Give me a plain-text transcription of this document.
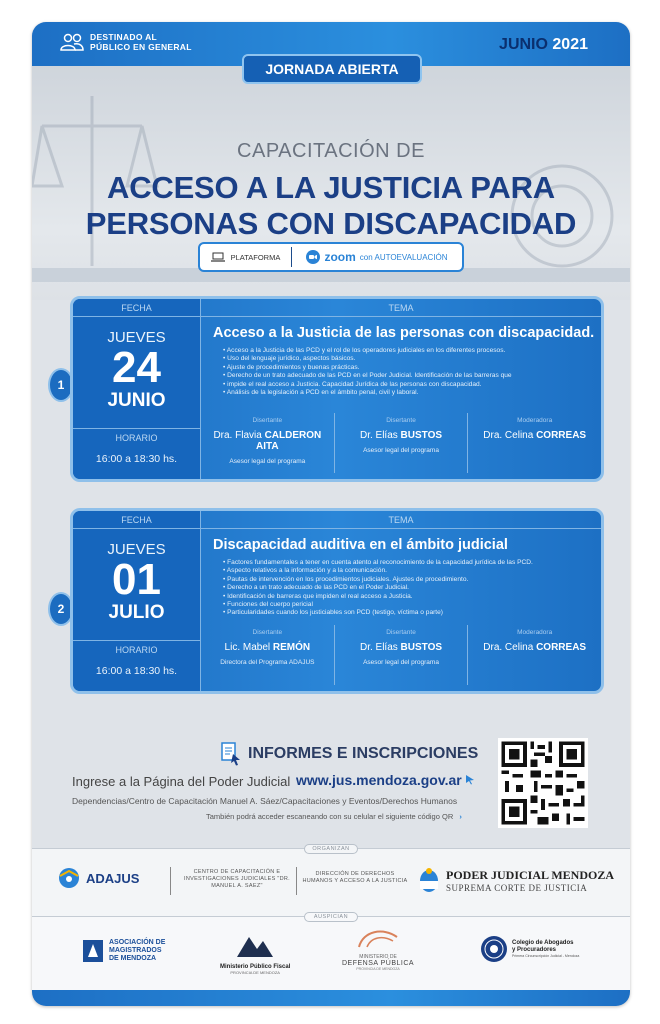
CAPACITACIÓN DE
ACCESO A LA JUSTICIA PARA
PERSONAS CON DISCAPACIDAD
DESTINADO AL
PÚBLICO EN GENERAL	JUNIO 2021
JORNADA ABIERTA
PLATAFORMA	zoom con AUTOEVALUACIÓN
1
FECHA
JUEVES
24
JUNIO
HORARIO
16:00 a 18:30 hs.
TEMA
Acceso a la Justicia de las personas con discapacidad.
• Acceso a la Justicia de las PCD y el rol de los operadores judiciales en los diferentes procesos.
• Uso del lenguaje jurídico, aspectos básicos.
• Ajuste de procedimientos y buenas prácticas.
• Derecho de un trato adecuado de las PCD en el Poder Judicial. Identificación de las barreras que
• impide el real acceso a Justicia. Capacidad Jurídica de las personas con discapacidad.
• Análisis de la legislación a PCD en el ámbito penal, civil y laboral.
Disertante
Dra. Flavia CALDERON AITA
Asesor legal del programa
Disertante
Dr. Elías BUSTOS
Asesor legal del programa
Moderadora
Dra. Celina CORREAS
2
FECHA
JUEVES
01
JULIO
HORARIO
16:00 a 18:30 hs.
TEMA
Discapacidad auditiva en el ámbito judicial
• Factores fundamentales a tener en cuenta atento al reconocimiento de la capacidad jurídica de las PCD.
• Aspecto relativos a la información y a la comunicación.
• Pautas de intervención en los procedimientos judiciales. Ajustes de procedimiento.
• Derecho a un trato adecuado de las PCD en el Poder Judicial.
• Identificación de barreras que impiden el real acceso a Justicia.
• Funciones del cuerpo pericial
• Particularidades cuando los justiciables son PCD (testigo, víctima o parte)
Disertante
Lic. Mabel REMÓN
Directora del Programa ADAJUS
Disertante
Dr. Elías BUSTOS
Asesor legal del programa
Moderadora
Dra. Celina CORREAS
INFORMES E INSCRIPCIONES
Ingrese a la Página del Poder Judicial www.jus.mendoza.gov.ar
Dependencias/Centro de Capacitación Manuel A. Sáez/Capacitaciones y Eventos/Derechos Humanos
También podrá acceder escaneando con su celular el siguiente código QR ›
ORGANIZAN
ADAJUS	CENTRO DE CAPACITACIÓN E INVESTIGACIONES JUDICIALES "DR. MANUEL A. SAEZ"
DIRECCIÓN DE DERECHOS HUMANOS Y ACCESO A LA JUSTICIA	PODER JUDICIAL MENDOZA
SUPREMA CORTE DE JUSTICIA
AUSPICIAN
ASOCIACIÓN DE
MAGISTRADOS
DE MENDOZA
Ministerio Público Fiscal
PROVINCIA DE MENDOZA
MINISTERIO DE
DEFENSA PÚBLICA
PROVINCIA DE MENDOZA
Colegio de Abogados
y Procuradores
Primera Circunscripción Judicial - Mendoza
